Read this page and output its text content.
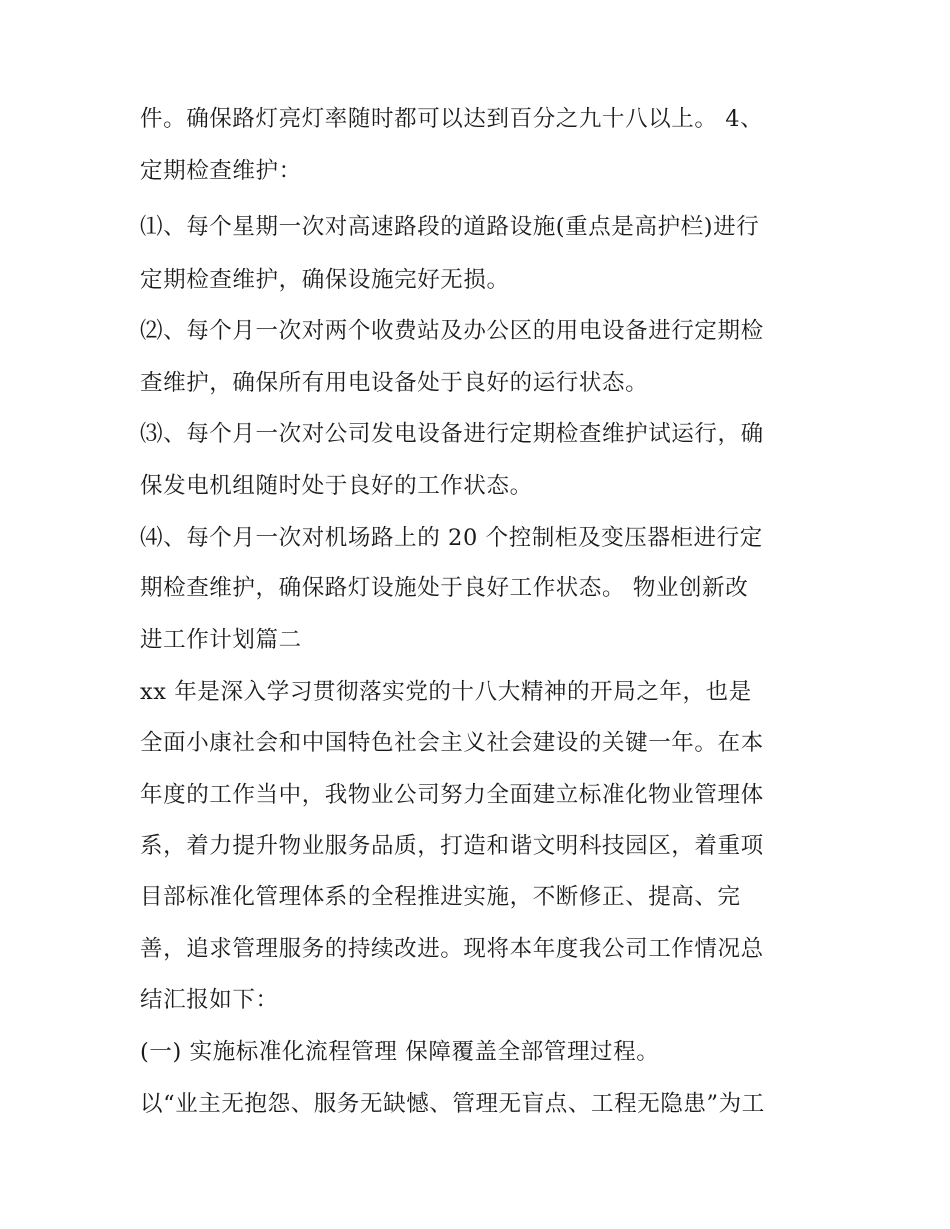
件。确保路灯亮灯率随时都可以达到百分之九十八以上。 4、
定期检查维护：
⑴、每个星期一次对高速路段的道路设施(重点是高护栏)进行
定期检查维护，确保设施完好无损。
⑵、每个月一次对两个收费站及办公区的用电设备进行定期检
查维护，确保所有用电设备处于良好的运行状态。
⑶、每个月一次对公司发电设备进行定期检查维护试运行，确
保发电机组随时处于良好的工作状态。
⑷、每个月一次对机场路上的 20 个控制柜及变压器柜进行定
期检查维护，确保路灯设施处于良好工作状态。 物业创新改
进工作计划篇二
xx 年是深入学习贯彻落实党的十八大精神的开局之年，也是
全面小康社会和中国特色社会主义社会建设的关键一年。在本
年度的工作当中，我物业公司努力全面建立标准化物业管理体
系，着力提升物业服务品质，打造和谐文明科技园区，着重项
目部标准化管理体系的全程推进实施，不断修正、提高、完
善，追求管理服务的持续改进。现将本年度我公司工作情况总
结汇报如下：
(一) 实施标准化流程管理 保障覆盖全部管理过程。
以“业主无抱怨、服务无缺憾、管理无盲点、工程无隐患”为工
